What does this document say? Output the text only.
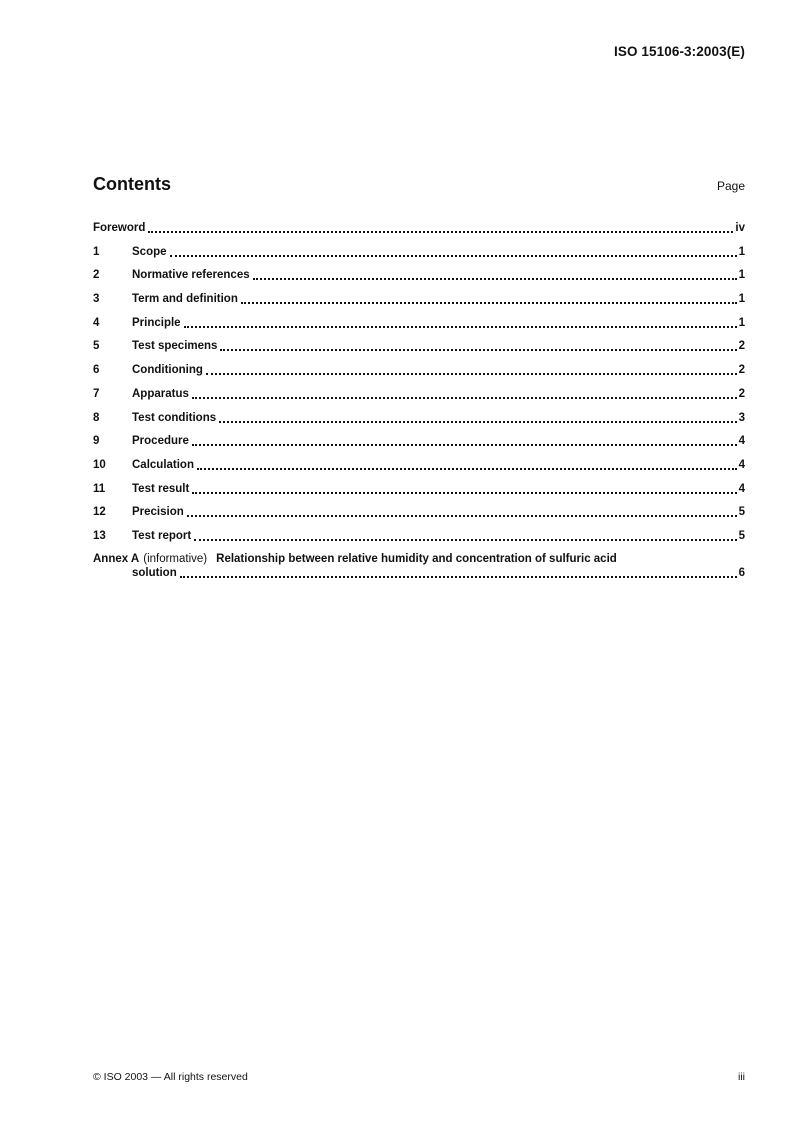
ISO 15106-3:2003(E)
Contents	Page
Foreword	iv
1	Scope	1
2	Normative references	1
3	Term and definition	1
4	Principle	1
5	Test specimens	2
6	Conditioning	2
7	Apparatus	2
8	Test conditions	3
9	Procedure	4
10	Calculation	4
11	Test result	4
12	Precision	5
13	Test report	5
Annex A (informative) Relationship between relative humidity and concentration of sulfuric acid
solution	6
© ISO 2003 — All rights reserved	iii
